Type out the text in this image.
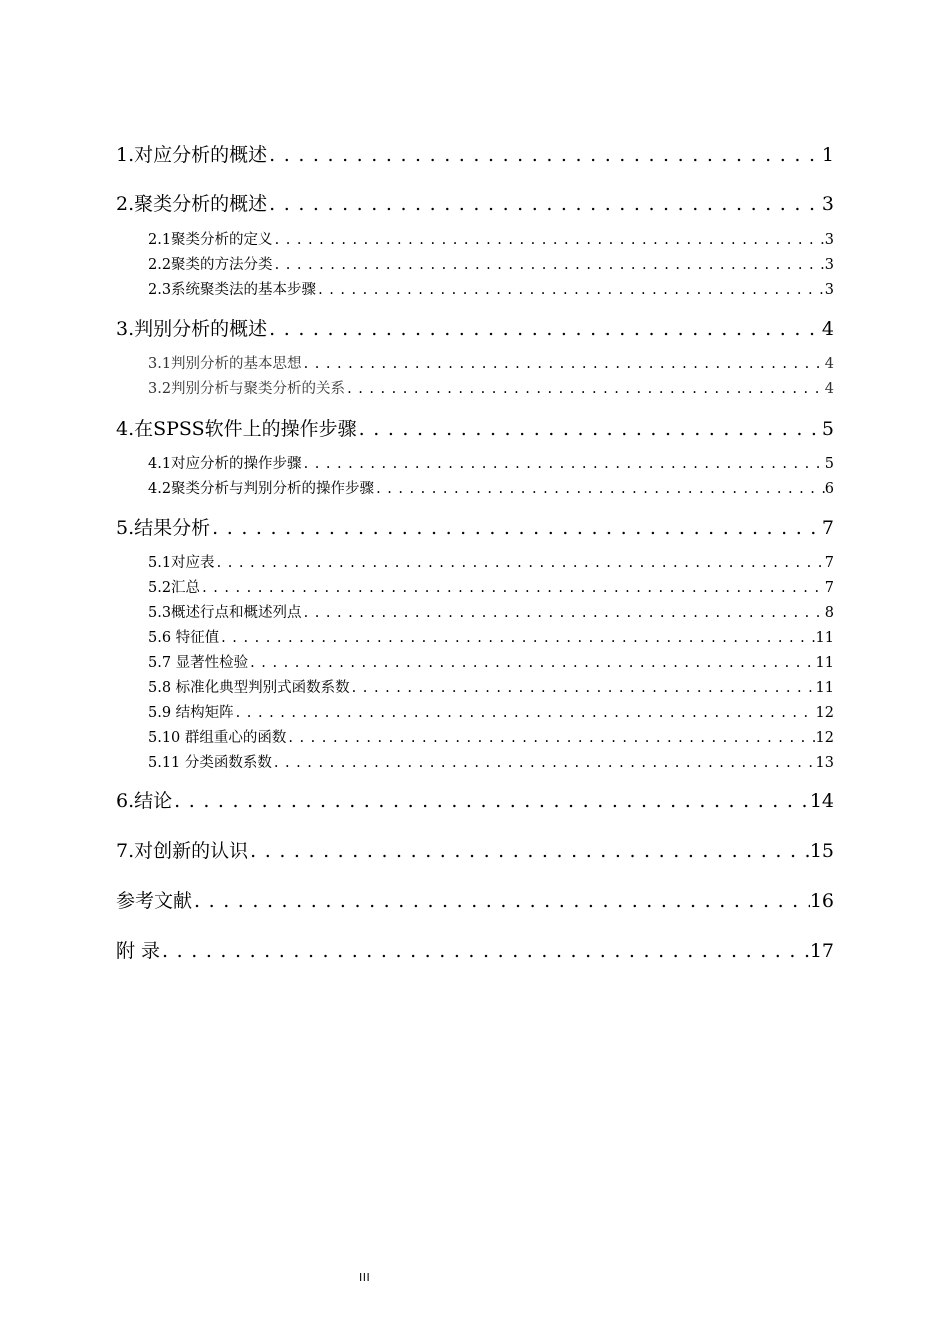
1.对应分析的概述 .....	1
2.聚类分析的概述 .....	3
2.1聚类分析的定义 .....	3
2.2聚类的方法分类 .....	3
2.3系统聚类法的基本步骤 .....	3
3.判别分析的概述 .....	4
3.1判别分析的基本思想 .....	4
3.2判别分析与聚类分析的关系 .....	4
4.在SPSS软件上的操作步骤 .....	5
4.1对应分析的操作步骤 .....	5
4.2聚类分析与判别分析的操作步骤 .....	6
5.结果分析 .....	7
5.1对应表 .....	7
5.2汇总 .....	7
5.3概述行点和概述列点 .....	8
5.6 特征值 .....	11
5.7 显著性检验 .....	11
5.8 标准化典型判别式函数系数 .....	11
5.9 结构矩阵 .....	12
5.10 群组重心的函数 .....	12
5.11 分类函数系数 .....	13
6.结论 .....	14
7.对创新的认识 .....	15
参考文献 .....	16
附 录 .....	17
III
